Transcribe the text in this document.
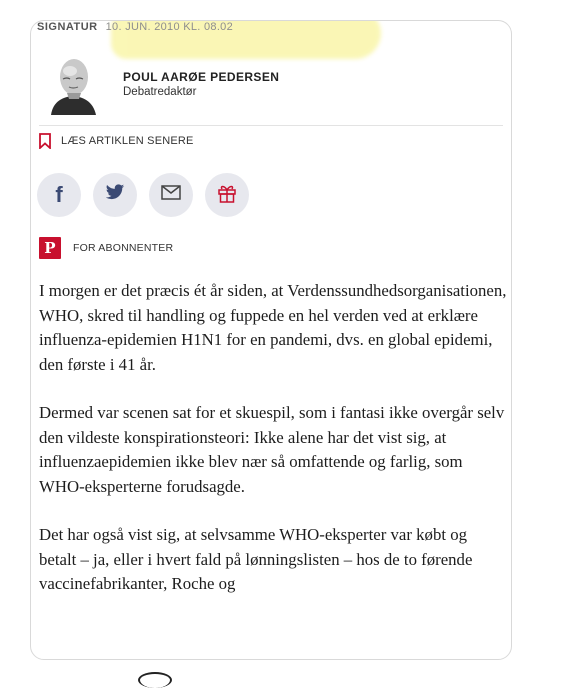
SIGNATUR 10. JUN. 2010 KL. 08.02
POUL AARØE PEDERSEN
Debatredaktør
LÆS ARTIKLEN SENERE
f
P	FOR ABONNENTER

I morgen er det præcis ét år siden, at Verdenssundhedsorganisationen, WHO, skred til handling og fuppede en hel verden ved at erklære influenza-epidemien H1N1 for en pandemi, dvs. en global epidemi, den første i 41 år.

Dermed var scenen sat for et skuespil, som i fantasi ikke overgår selv den vildeste konspirationsteori: Ikke alene har det vist sig, at influenzaepidemien ikke blev nær så omfattende og farlig, som WHO-eksperterne forudsagde.

Det har også vist sig, at selvsamme WHO-eksperter var købt og betalt – ja, eller i hvert fald på lønningslisten – hos de to førende vaccinefabrikanter, Roche og
